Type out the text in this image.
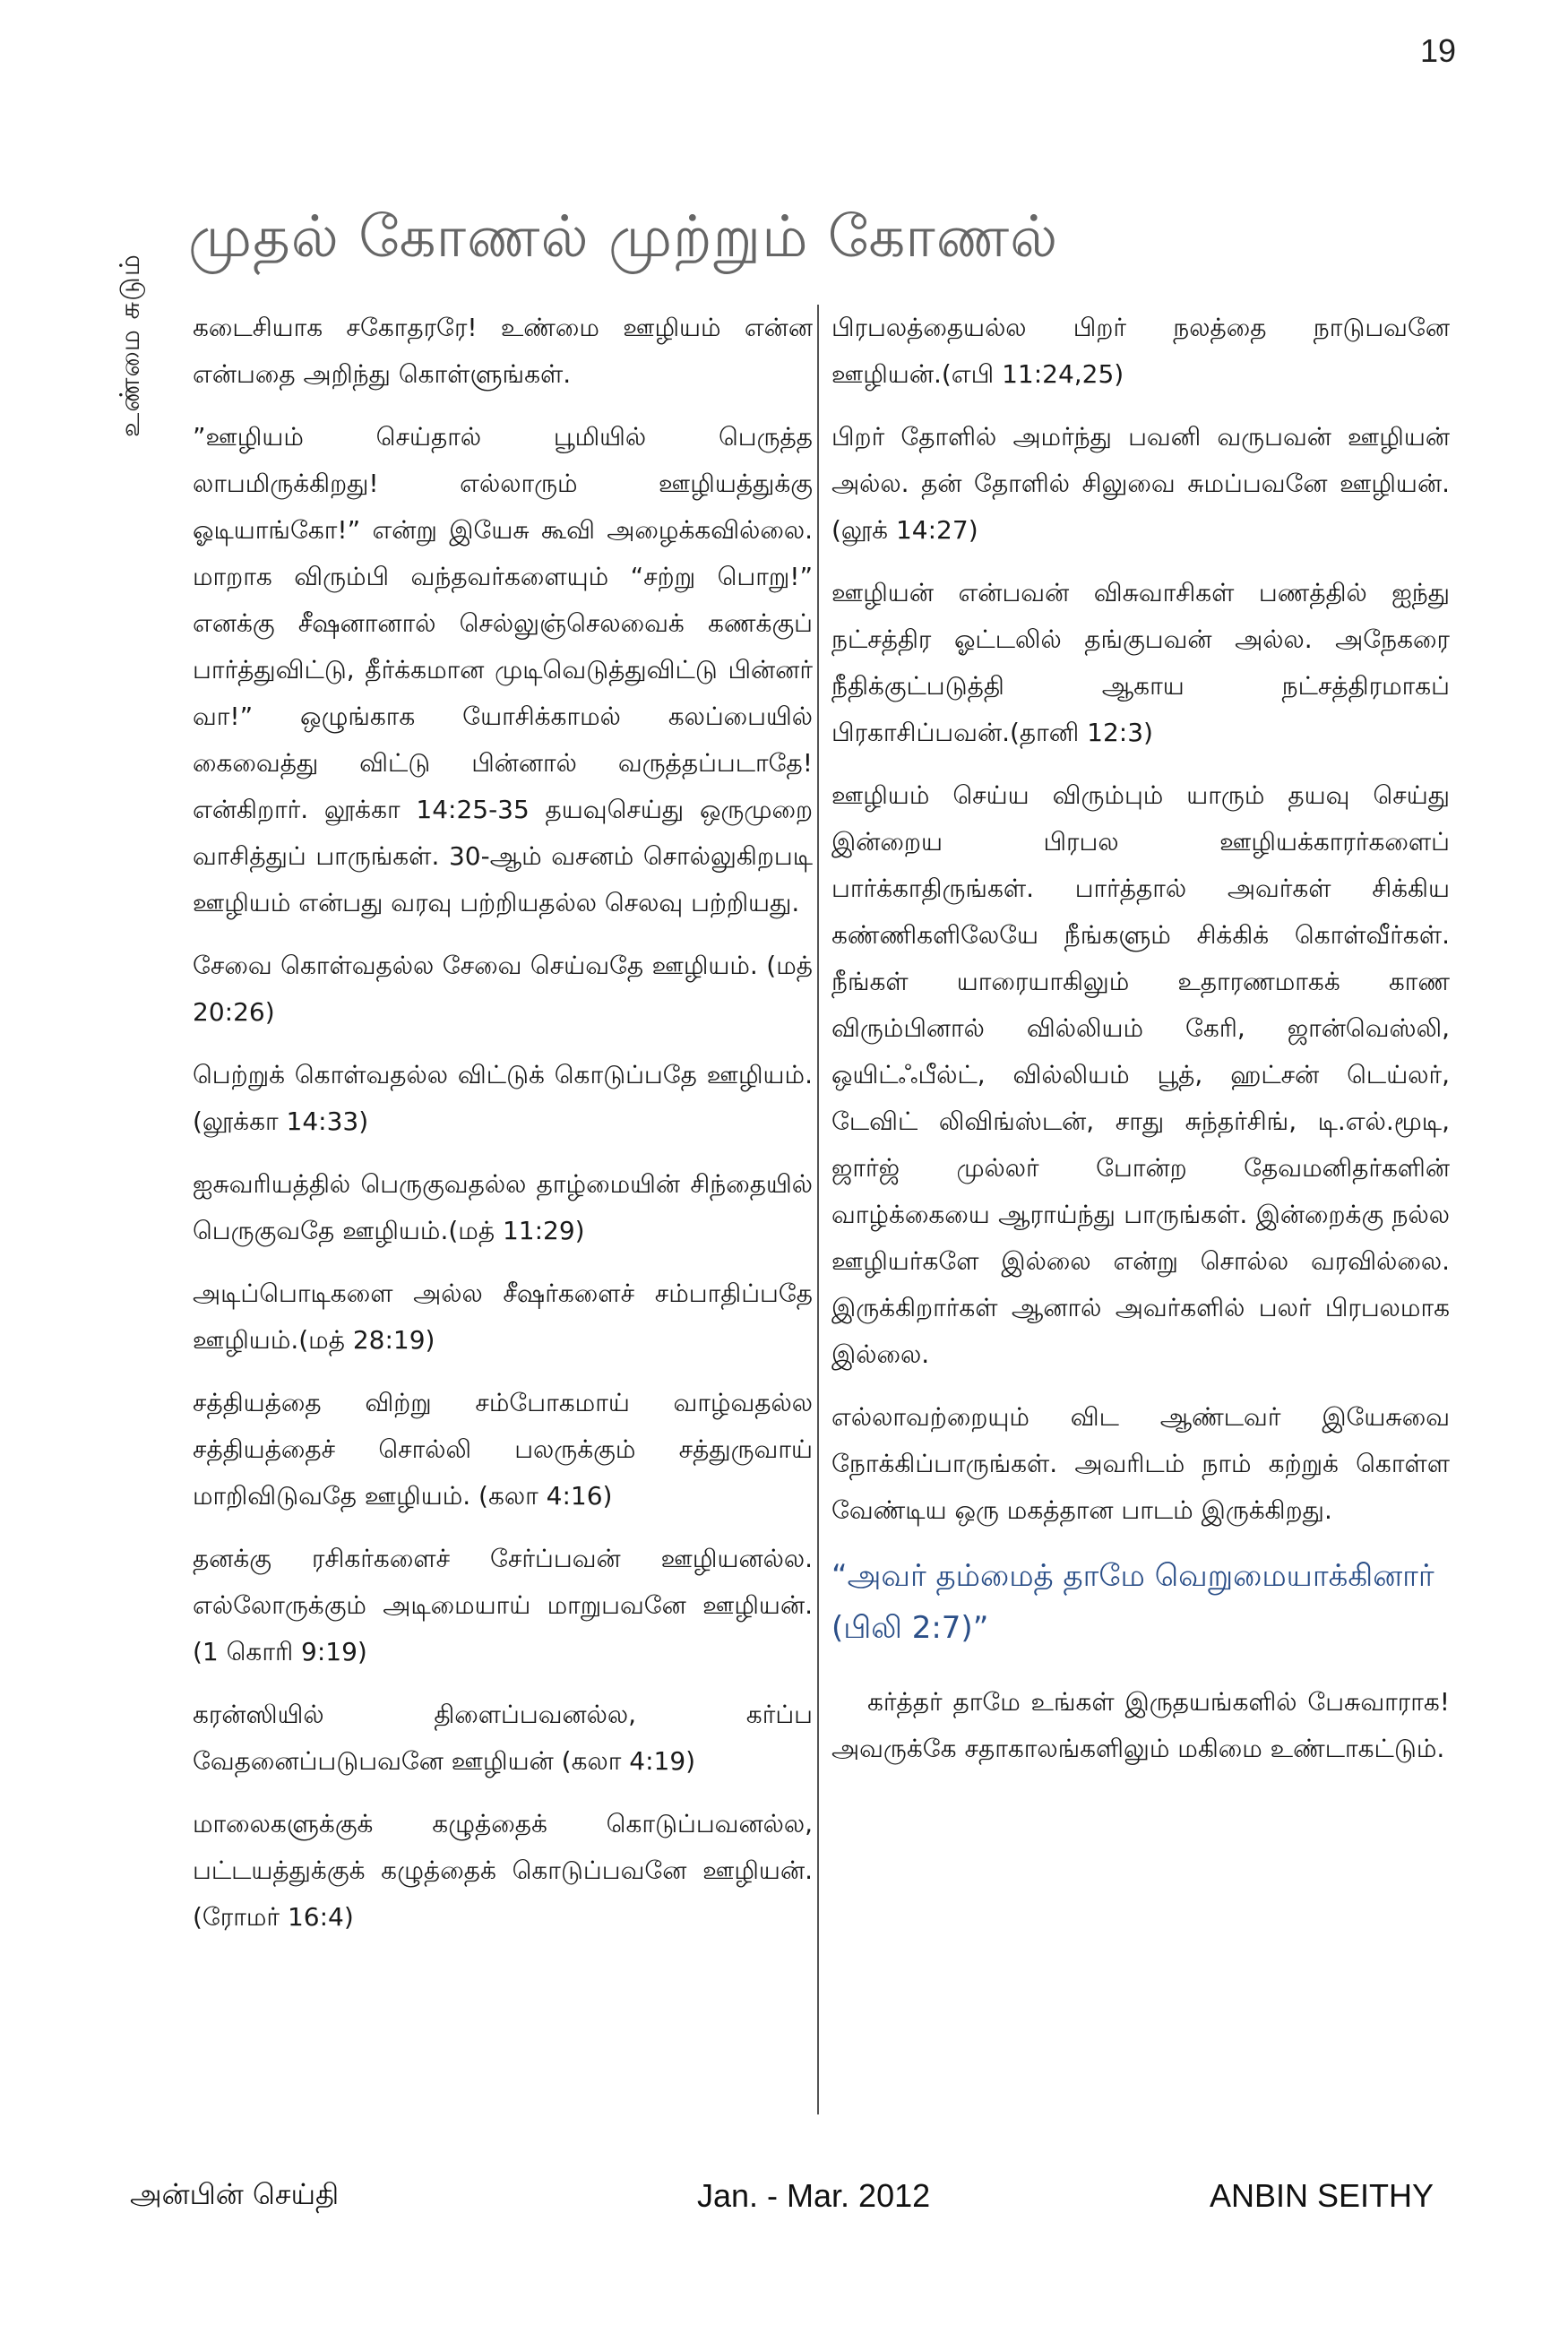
19
உண்மை சுடும்
முதல் கோணல் முற்றும் கோணல்

கடைசியாக சகோதரரே! உண்மை ஊழியம் என்ன என்பதை அறிந்து கொள்ளுங்கள்.

”ஊழியம் செய்தால் பூமியில் பெருத்த லாபமிருக்கிறது! எல்லாரும் ஊழியத்துக்கு ஓடியாங்கோ!” என்று இயேசு கூவி அழைக்கவில்லை. மாறாக விரும்பி வந்தவர்களையும் “சற்று பொறு!” எனக்கு சீஷனானால் செல்லுஞ்செலவைக் கணக்குப் பார்த்துவிட்டு, தீர்க்கமான முடிவெடுத்துவிட்டு பின்னர் வா!” ஒழுங்காக யோசிக்காமல் கலப்பையில் கைவைத்து விட்டு பின்னால் வருத்தப்படாதே! என்கிறார். லூக்கா 14:25-35 தயவுசெய்து ஒருமுறை வாசித்துப் பாருங்கள். 30-ஆம் வசனம் சொல்லுகிறபடி ஊழியம் என்பது வரவு பற்றியதல்ல செலவு பற்றியது.

சேவை கொள்வதல்ல சேவை செய்வதே ஊழியம். (மத் 20:26)

பெற்றுக் கொள்வதல்ல விட்டுக் கொடுப்பதே ஊழியம். (லூக்கா 14:33)

ஐசுவரியத்தில் பெருகுவதல்ல தாழ்மையின் சிந்தையில் பெருகுவதே ஊழியம்.(மத் 11:29)

அடிப்பொடிகளை அல்ல சீஷர்களைச் சம்பாதிப்பதே ஊழியம்.(மத் 28:19)

சத்தியத்தை விற்று சம்போகமாய் வாழ்வதல்ல சத்தியத்தைச் சொல்லி பலருக்கும் சத்துருவாய் மாறிவிடுவதே ஊழியம். (கலா 4:16)

தனக்கு ரசிகர்களைச் சேர்ப்பவன் ஊழியனல்ல. எல்லோருக்கும் அடிமையாய் மாறுபவனே ஊழியன். (1 கொரி 9:19)

கரன்ஸியில் திளைப்பவனல்ல, கர்ப்ப வேதனைப்படுபவனே ஊழியன் (கலா 4:19)

மாலைகளுக்குக் கழுத்தைக் கொடுப்பவனல்ல, பட்டயத்துக்குக் கழுத்தைக் கொடுப்பவனே ஊழியன்.(ரோமர் 16:4)

பிரபலத்தையல்ல பிறர் நலத்தை நாடுபவனே ஊழியன்.(எபி 11:24,25)

பிறர் தோளில் அமர்ந்து பவனி வருபவன் ஊழியன் அல்ல. தன் தோளில் சிலுவை சுமப்பவனே ஊழியன்.(லூக் 14:27)

ஊழியன் என்பவன் விசுவாசிகள் பணத்தில் ஐந்து நட்சத்திர ஓட்டலில் தங்குபவன் அல்ல. அநேகரை நீதிக்குட்படுத்தி ஆகாய நட்சத்திரமாகப் பிரகாசிப்பவன்.(தானி 12:3)

ஊழியம் செய்ய விரும்பும் யாரும் தயவு செய்து இன்றைய பிரபல ஊழியக்காரர்களைப் பார்க்காதிருங்கள். பார்த்தால் அவர்கள் சிக்கிய கண்ணிகளிலேயே நீங்களும் சிக்கிக் கொள்வீர்கள். நீங்கள் யாரையாகிலும் உதாரணமாகக் காண விரும்பினால் வில்லியம் கேரி, ஜான்வெஸ்லி, ஒயிட்ஃபீல்ட், வில்லியம் பூத், ஹட்சன் டெய்லர், டேவிட் லிவிங்ஸ்டன், சாது சுந்தர்சிங், டி.எல்.மூடி, ஜார்ஜ் முல்லர் போன்ற தேவமனிதர்களின் வாழ்க்கையை ஆராய்ந்து பாருங்கள். இன்றைக்கு நல்ல ஊழியர்களே இல்லை என்று சொல்ல வரவில்லை. இருக்கிறார்கள் ஆனால் அவர்களில் பலர் பிரபலமாக இல்லை.

எல்லாவற்றையும் விட ஆண்டவர் இயேசுவை நோக்கிப்பாருங்கள். அவரிடம் நாம் கற்றுக் கொள்ள வேண்டிய ஒரு மகத்தான பாடம் இருக்கிறது.

“அவர் தம்மைத் தாமே வெறுமையாக்கினார் (பிலி 2:7)”

கர்த்தர் தாமே உங்கள் இருதயங்களில் பேசுவாராக! அவருக்கே சதாகாலங்களிலும் மகிமை உண்டாகட்டும்.

அன்பின் செய்தி	Jan. - Mar. 2012	ANBIN SEITHY
